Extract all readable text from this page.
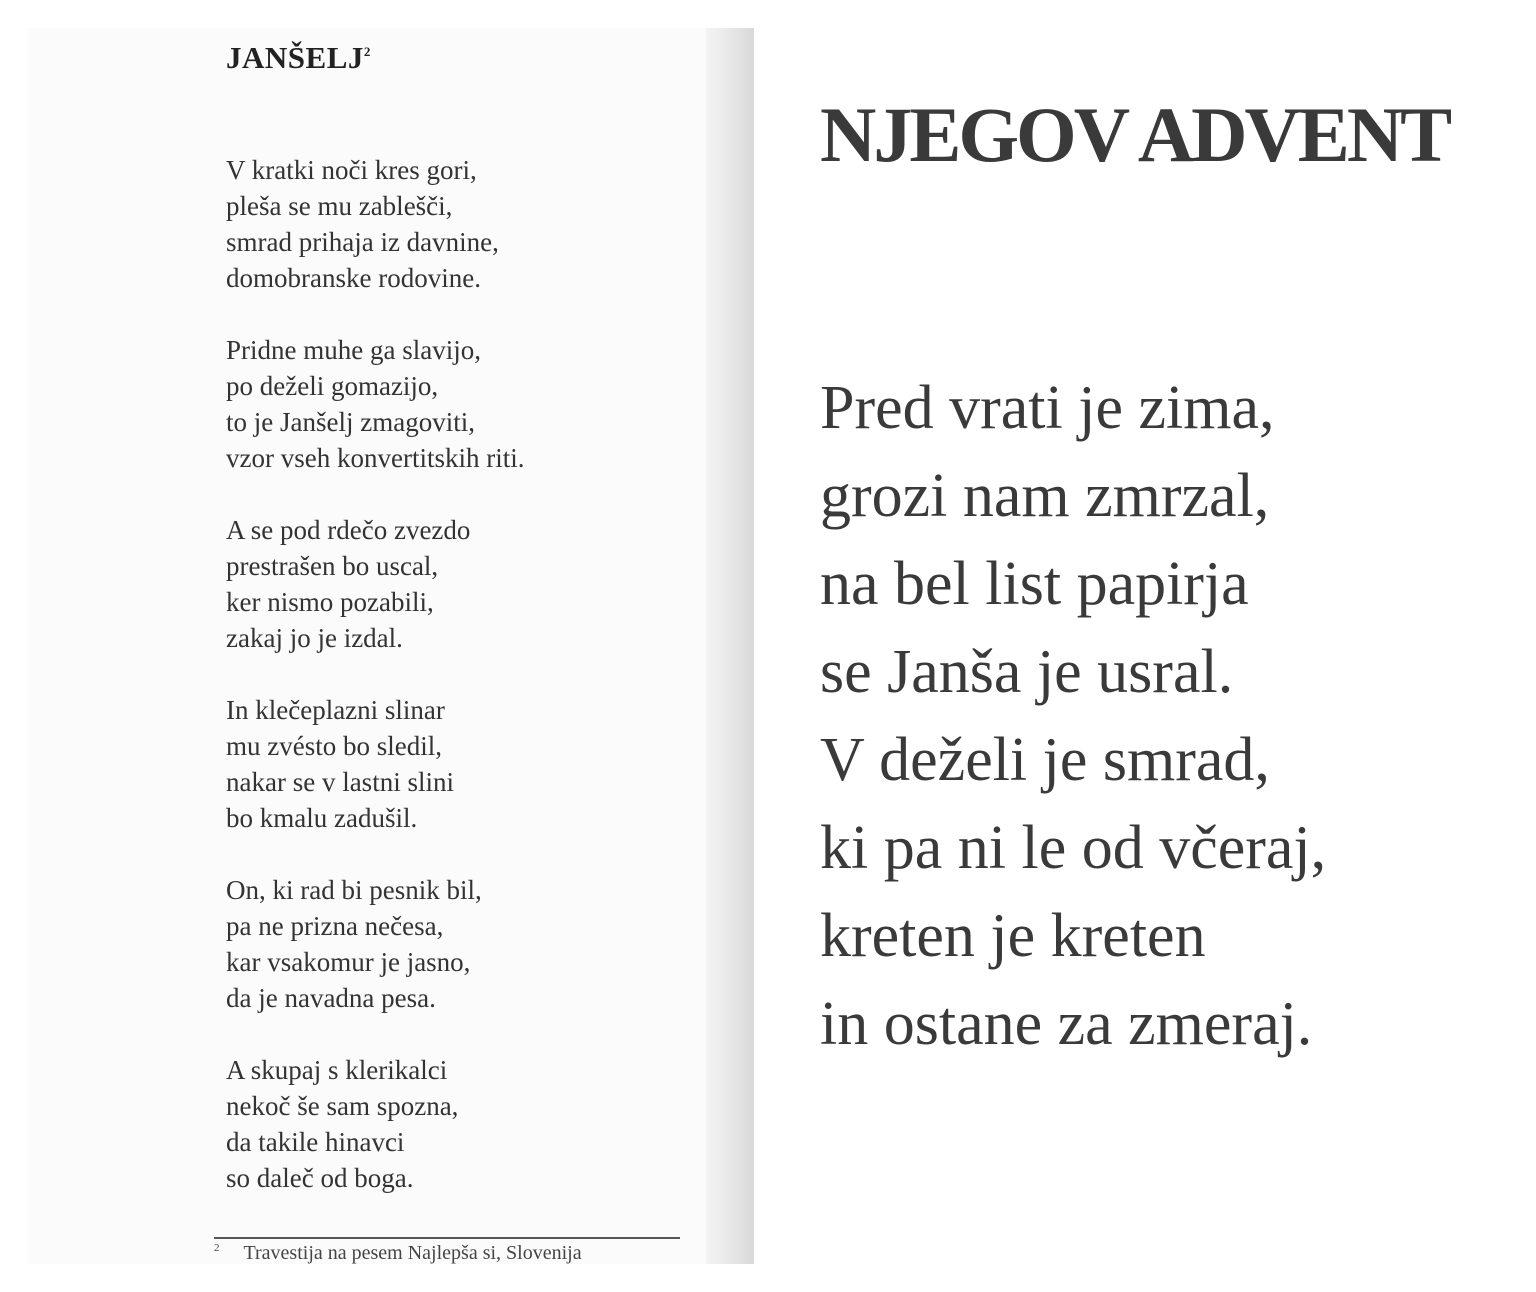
JANŠELJ$^2$
V kratki noči kres gori,
pleša se mu zablešči,
smrad prihaja iz davnine,
domobranske rodovine.
Pridne muhe ga slavijo,
po deželi gomazijo,
to je Janšelj zmagoviti,
vzor vseh konvertitskih riti.
A se pod rdečo zvezdo
prestrašen bo uscal,
ker nismo pozabili,
zakaj jo je izdal.
In klečeplazni slinar
mu zvésto bo sledil,
nakar se v lastni slini
bo kmalu zadušil.
On, ki rad bi pesnik bil,
pa ne prizna nečesa,
kar vsakomur je jasno,
da je navadna pesa.
A skupaj s klerikalci
nekoč še sam spozna,
da takile hinavci
so daleč od boga.
$^2$ Travestija na pesem Najlepša si, Slovenija
NJEGOV ADVENT
Pred vrati je zima,
grozi nam zmrzal,
na bel list papirja
se Janša je usral.
V deželi je smrad,
ki pa ni le od včeraj,
kreten je kreten
in ostane za zmeraj.
